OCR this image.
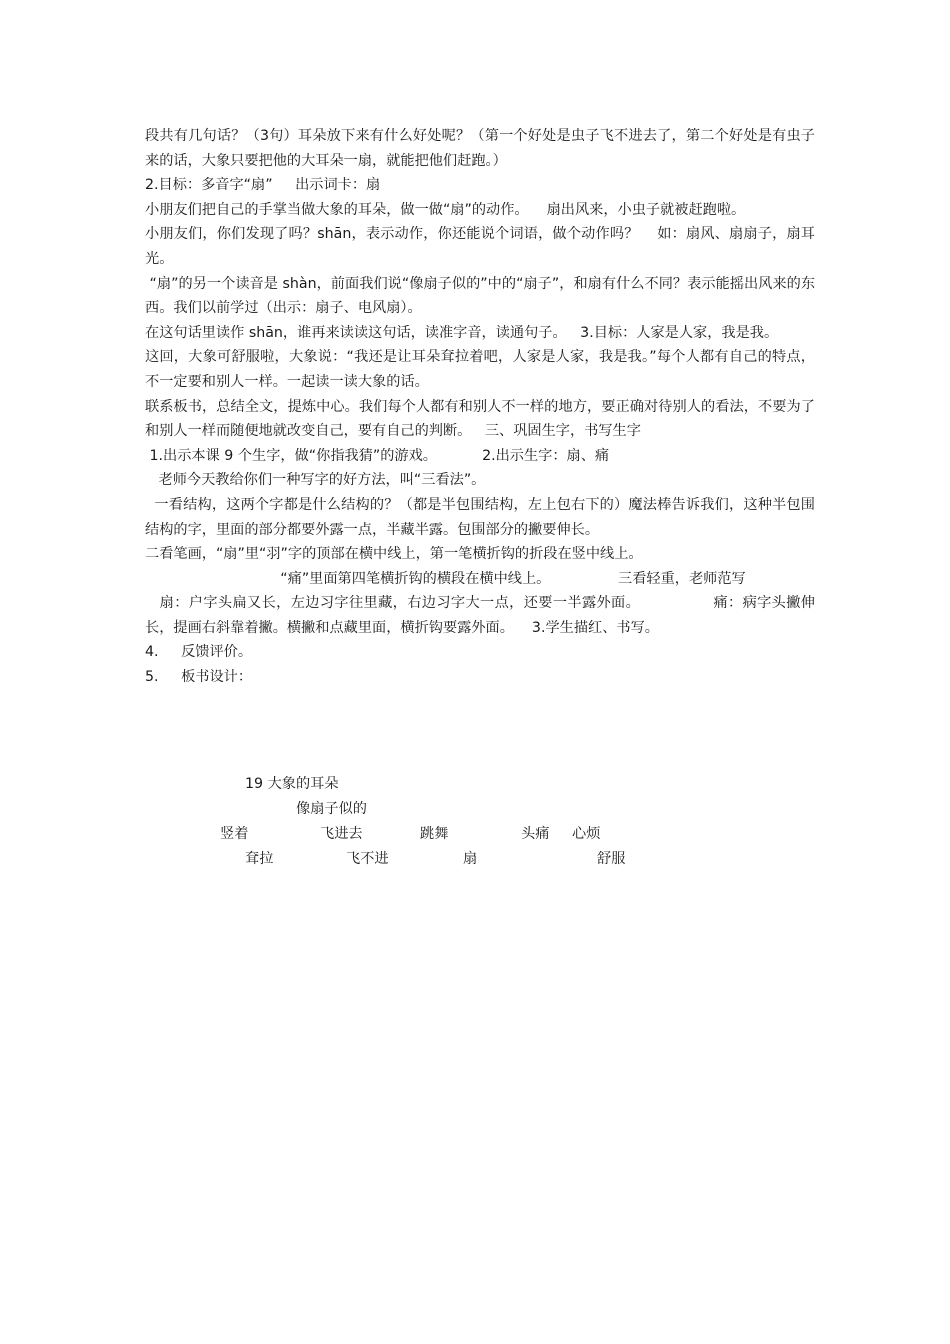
段共有几句话？（3句）耳朵放下来有什么好处呢？（第一个好处是虫子飞不进去了，第二个好处是有虫子来的话，大象只要把他的大耳朵一扇，就能把他们赶跑。）

2.目标：多音字“扇”     出示词卡：扇

小朋友们把自己的手掌当做大象的耳朵，做一做“扇”的动作。    扇出风来，小虫子就被赶跑啦。

小朋友们，你们发现了吗？shān，表示动作，你还能说个词语，做个动作吗？    如：扇风、扇扇子，扇耳光。

“扇”的另一个读音是 shàn，前面我们说“像扇子似的”中的“扇子”，和扇有什么不同？表示能摇出风来的东西。我们以前学过（出示：扇子、电风扇）。

在这句话里读作 shān，谁再来读读这句话，读准字音，读通句子。   3.目标：人家是人家，我是我。

这回，大象可舒服啦，大象说：“我还是让耳朵耷拉着吧，人家是人家，我是我。”每个人都有自己的特点，不一定要和别人一样。一起读一读大象的话。

联系板书，总结全文，提炼中心。我们每个人都有和别人不一样的地方，要正确对待别人的看法，不要为了和别人一样而随便地就改变自己，要有自己的判断。   三、巩固生字，书写生字

1.出示本课 9 个生字，做“你指我猜”的游戏。          2.出示生字：扇、痛

老师今天教给你们一种写字的好方法，叫“三看法”。

一看结构，这两个字都是什么结构的？（都是半包围结构，左上包右下的）魔法棒告诉我们，这种半包围结构的字，里面的部分都要外露一点，半藏半露。包围部分的撇要伸长。

二看笔画，“扇”里“羽”字的顶部在横中线上，第一笔横折钩的折段在竖中线上。

“痛”里面第四笔横折钩的横段在横中线上。               三看轻重，老师范写

扇：户字头扁又长，左边习字往里藏，右边习字大一点，还要一半露外面。               痛：病字头撇伸长，提画右斜靠着撇。横撇和点藏里面，横折钩要露外面。    3.学生描红、书写。

4.     反馈评价。

5.     板书设计：

19 大象的耳朵
像扇子似的
竖着	飞进去	跳舞	头痛 心烦
耷拉	飞不进	扇	舒服
